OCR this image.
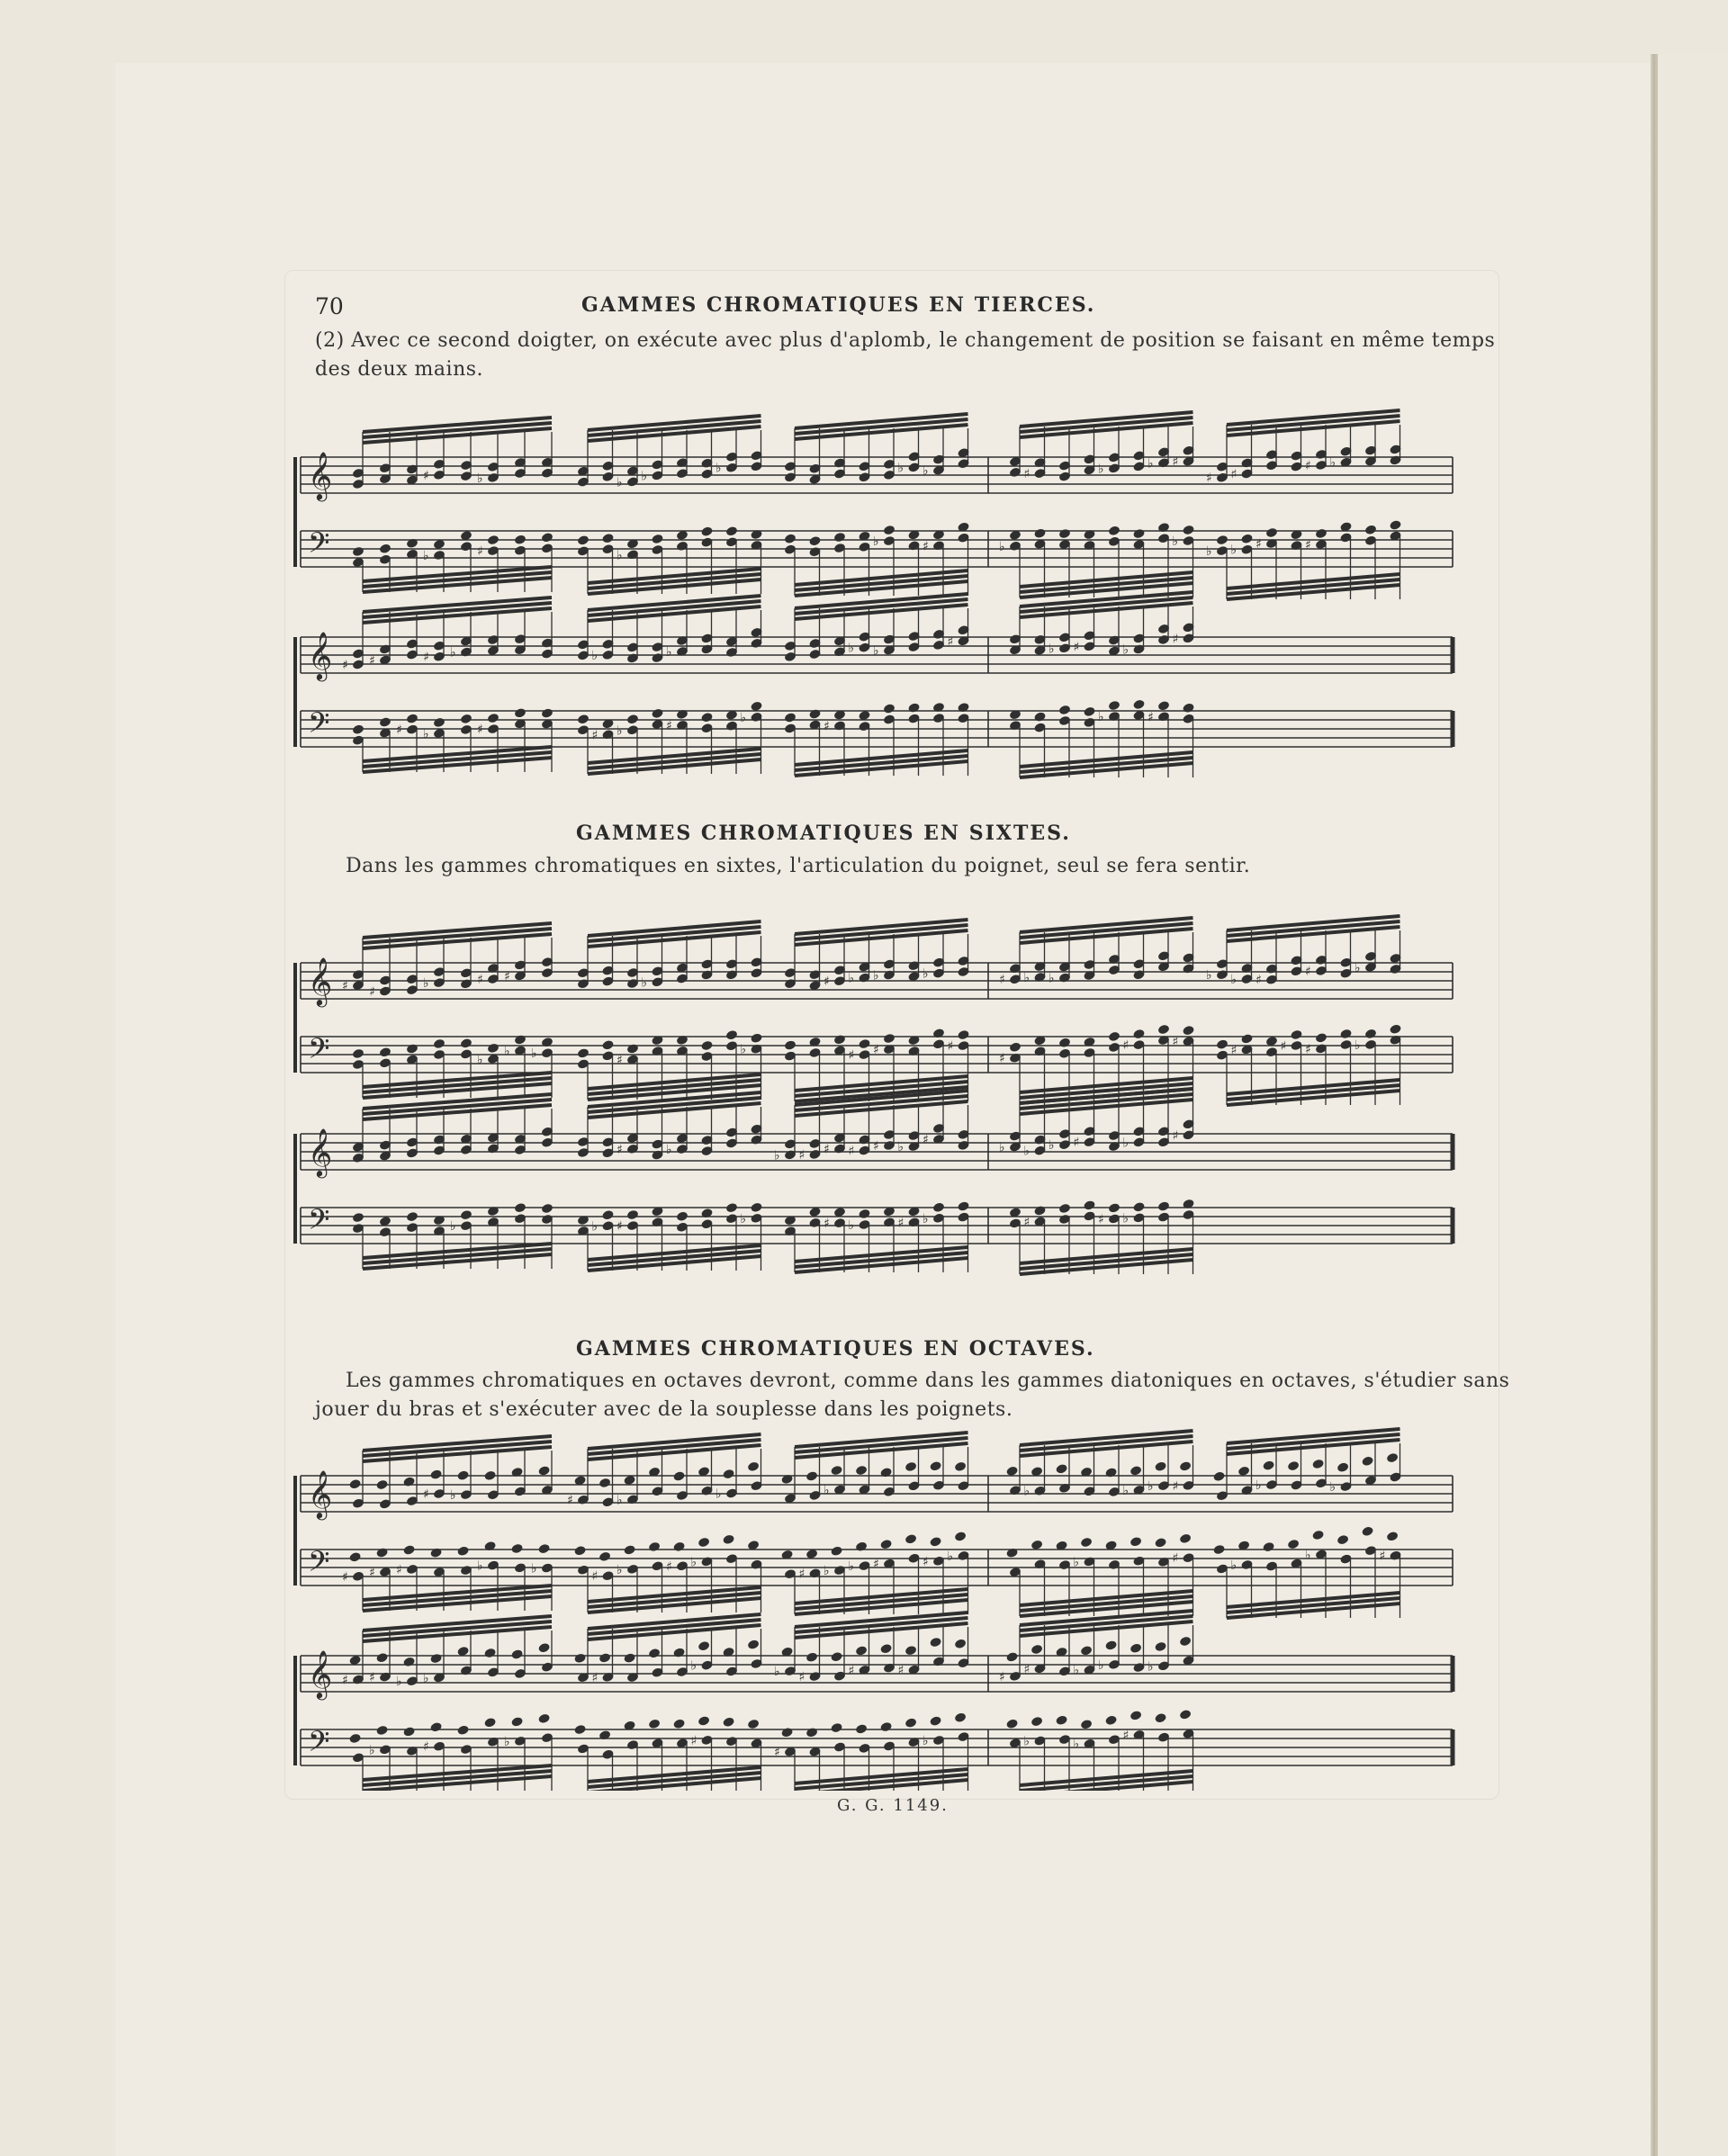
70	GAMMES CHROMATIQUES EN TIERCES.
(2) Avec ce second doigter, on exécute avec plus d'aplomb, le changement de position se faisant en même temps
des deux mains.
GAMMES CHROMATIQUES EN SIXTES.
Dans les gammes chromatiques en sixtes, l'articulation du poignet, seul se fera sentir.
GAMMES CHROMATIQUES EN OCTAVES.
Les gammes chromatiques en octaves devront, comme dans les gammes diatoniques en octaves, s'étudier sans
jouer du bras et s'exécuter avec de la souplesse dans les poignets.
𝄞	♯	♭	♭ ♭
♭	♭ ♭	♯	♭	♭ ♯
♯ ♯
♯ ♭
𝄢	♭	♯	♭
♭	♯	♭	♭
♭ ♭ ♯	♯
𝄞 ♯ ♯	♯ ♭	♭	♭	♭ ♭
♯
♭ ♯	♭
♯
𝄢	♯ ♭	♯	♯ ♭	♯
♭
♯
♭	♯
𝄞 ♯ ♯
♭	♯ ♯	♭	♯ ♭ ♭	♭	♯ ♭ ♭	♭ ♭ ♯
♯	♭
𝄢	♭
♭ ♭	♯
♭	♯ ♯	♯
♯
♯	♯
♯	♯ ♯	♭
𝄞	♯	♭	♭ ♯ ♯ ♯ ♯ ♭
♯
♭ ♭ ♭ ♯	♭
♯
𝄢	♭	♭ ♯
♭	♯ ♭	♯ ♭	♯	♯ ♭
𝄞	♯ ♭	♯	♭	♭	♭	♭	♭ ♭ ♯	♭	♭
𝄢 ♯ ♯ ♯	♭	♭
♯ ♭	♯ ♭
♯ ♭ ♭ ♯	♯ ♭	♭	♯	♭
♭	♯
𝄞 ♯ ♯ ♭ ♭	♯
♭	♭ ♯	♯	♯	♯
♯	♭ ♭	♭
𝄢	♭	♯	♭	♯
♯
♭	♭	♭
♯
G. G. 1149.
